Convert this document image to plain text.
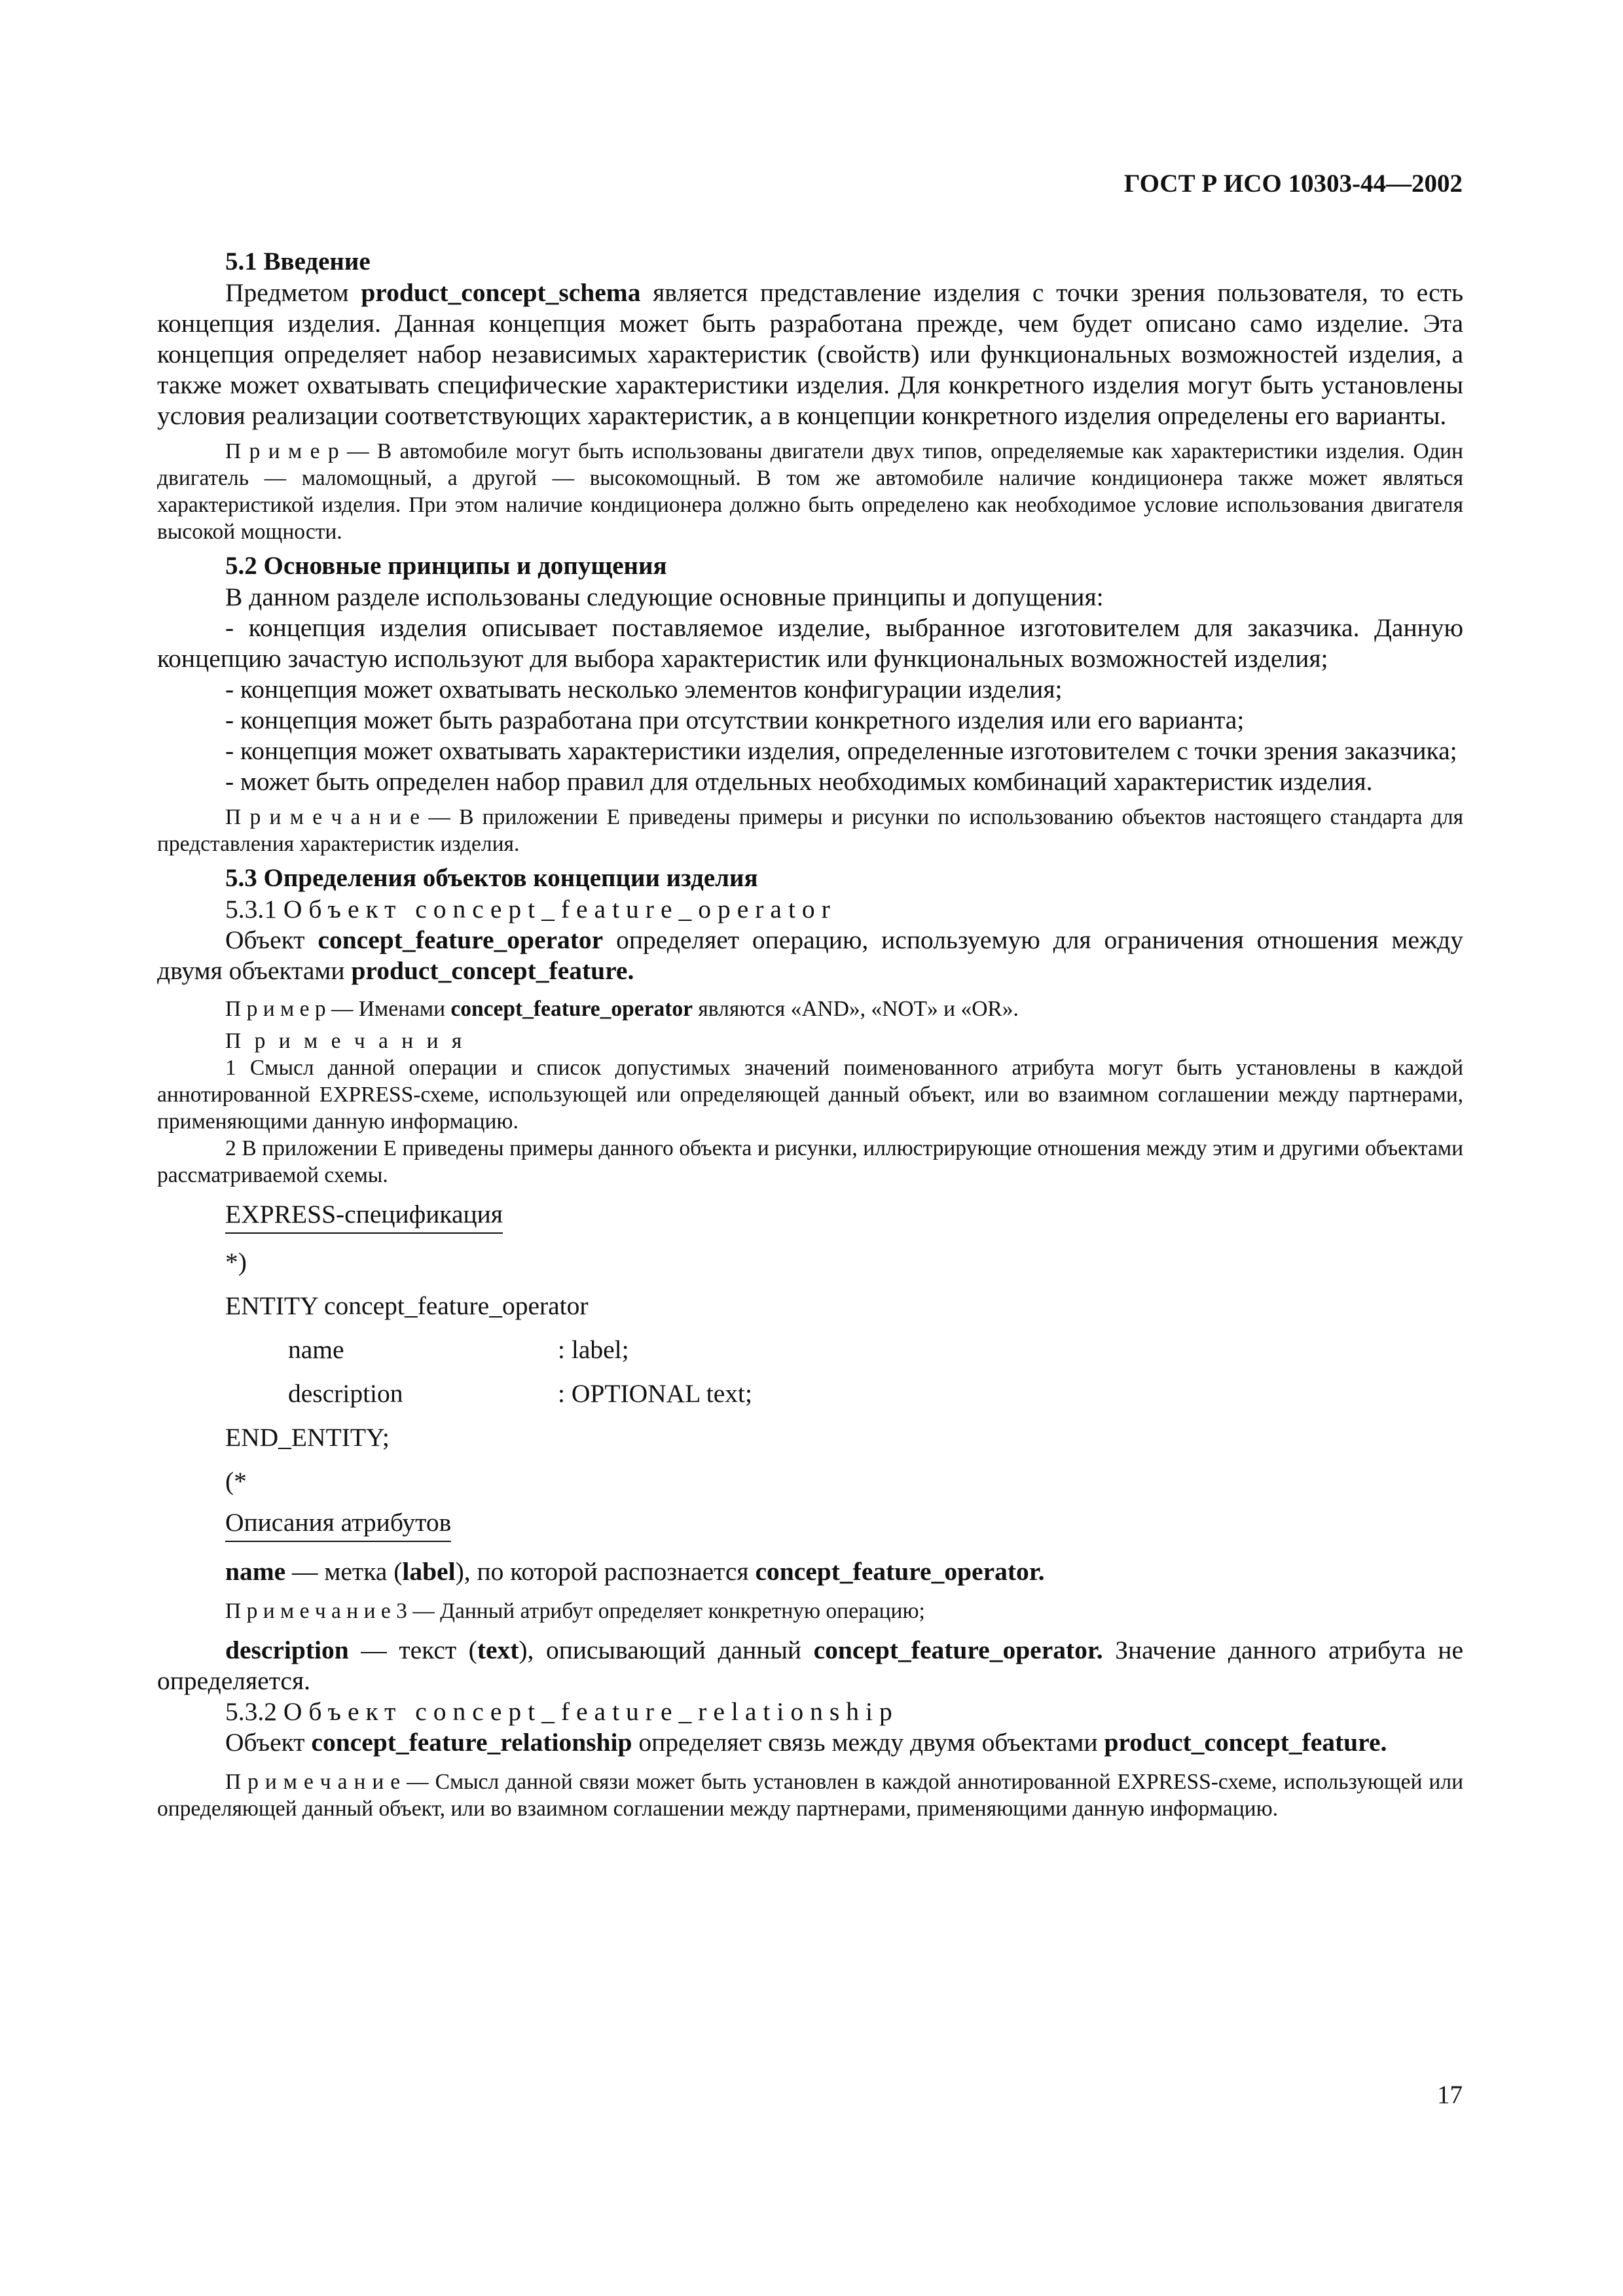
ГОСТ Р ИСО 10303-44—2002

5.1 Введение

Предметом product_concept_schema является представление изделия с точки зрения пользователя, то есть концепция изделия. Данная концепция может быть разработана прежде, чем будет описано само изделие. Эта концепция определяет набор независимых характеристик (свойств) или функциональных возможностей изделия, а также может охватывать специфические характеристики изделия. Для конкретного изделия могут быть установлены условия реализации соответствующих характеристик, а в концепции конкретного изделия определены его варианты.

П р и м е р — В автомобиле могут быть использованы двигатели двух типов, определяемые как характеристики изделия. Один двигатель — маломощный, а другой — высокомощный. В том же автомобиле наличие кондиционера также может являться характеристикой изделия. При этом наличие кондиционера должно быть определено как необходимое условие использования двигателя высокой мощности.

5.2 Основные принципы и допущения

В данном разделе использованы следующие основные принципы и допущения:

- концепция изделия описывает поставляемое изделие, выбранное изготовителем для заказчика. Данную концепцию зачастую используют для выбора характеристик или функциональных возможностей изделия;

- концепция может охватывать несколько элементов конфигурации изделия;

- концепция может быть разработана при отсутствии конкретного изделия или его варианта;

- концепция может охватывать характеристики изделия, определенные изготовителем с точки зрения заказчика;

- может быть определен набор правил для отдельных необходимых комбинаций характеристик изделия.

П р и м е ч а н и е — В приложении Е приведены примеры и рисунки по использованию объектов настоящего стандарта для представления характеристик изделия.

5.3 Определения объектов концепции изделия

5.3.1 Объект concept_feature_operator

Объект concept_feature_operator определяет операцию, используемую для ограничения отношения между двумя объектами product_concept_feature.

П р и м е р — Именами concept_feature_operator являются «AND», «NOT» и «OR».

П р и м е ч а н и я

1 Смысл данной операции и список допустимых значений поименованного атрибута могут быть установлены в каждой аннотированной EXPRESS-схеме, использующей или определяющей данный объект, или во взаимном соглашении между партнерами, применяющими данную информацию.

2 В приложении Е приведены примеры данного объекта и рисунки, иллюстрирующие отношения между этим и другими объектами рассматриваемой схемы.

EXPRESS-спецификация

*)

ENTITY concept_feature_operator

name	: label;
description	: OPTIONAL text;

END_ENTITY;

(*

Описания атрибутов

name — метка (label), по которой распознается concept_feature_operator.

П р и м е ч а н и е 3 — Данный атрибут определяет конкретную операцию;

description — текст (text), описывающий данный concept_feature_operator. Значение данного атрибута не определяется.

5.3.2 Объект concept_feature_relationship

Объект concept_feature_relationship определяет связь между двумя объектами product_concept_feature.

П р и м е ч а н и е — Смысл данной связи может быть установлен в каждой аннотированной EXPRESS-схеме, использующей или определяющей данный объект, или во взаимном соглашении между партнерами, применяющими данную информацию.

17
